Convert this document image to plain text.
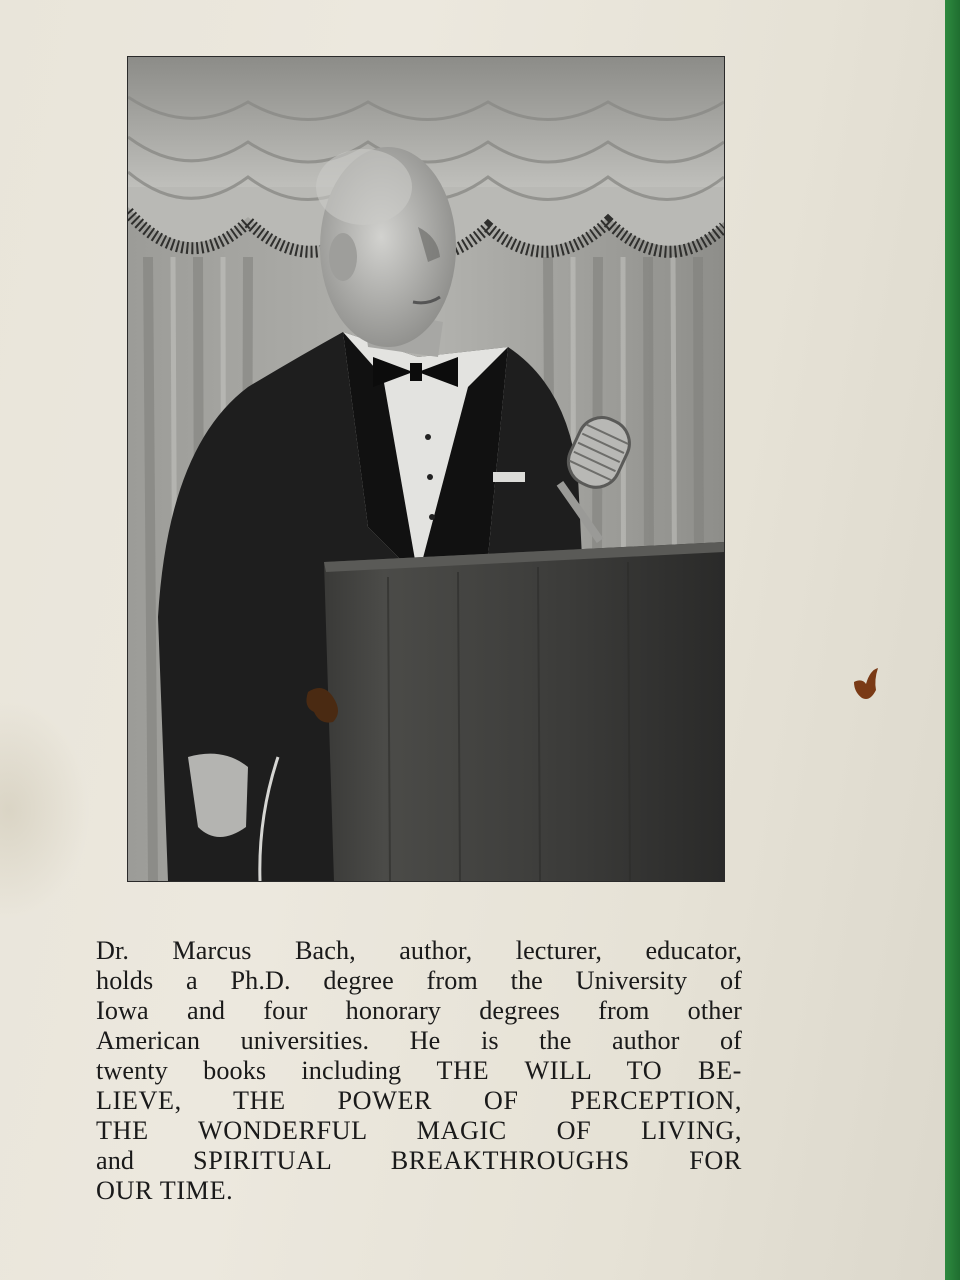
Dr. Marcus Bach, author, lecturer, educator,
holds a Ph.D. degree from the University of
Iowa and four honorary degrees from other
American universities. He is the author of
twenty books including THE WILL TO BE-
LIEVE, THE POWER OF PERCEPTION,
THE WONDERFUL MAGIC OF LIVING,
and SPIRITUAL BREAKTHROUGHS FOR
OUR TIME.
